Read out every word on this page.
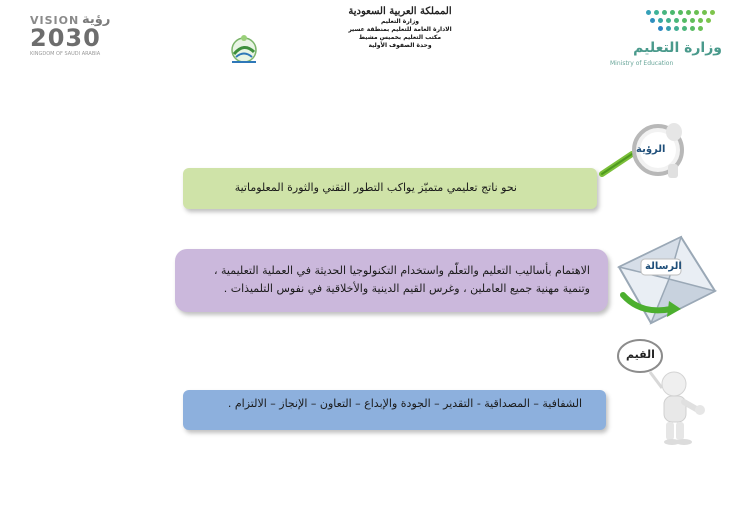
VISION رؤية
2030
KINGDOM OF SAUDI ARABIA
المملكة العربية السعودية
وزارة التعليم
الادارة العامة للتعليم بمنطقة عسير
مكتب التعليم بخميس مشيط
وحدة الصفوف الأولية	وزارة التعليم
Ministry of Education
نحو ناتج تعليمي متميّز يواكب التطور التقني والثورة المعلوماتية
الرؤية
الاهتمام بأساليب التعليم والتعلّم واستخدام التكنولوجيا الحديثة في العملية التعليمية ، وتنمية مهنية جميع العاملين ، وغرس القيم الدينية والأخلاقية في نفوس التلميذات .
الرسالة
الشفافية – المصداقية - التقدير – الجودة والإبداع – التعاون – الإنجاز – الالتزام .
القيم
